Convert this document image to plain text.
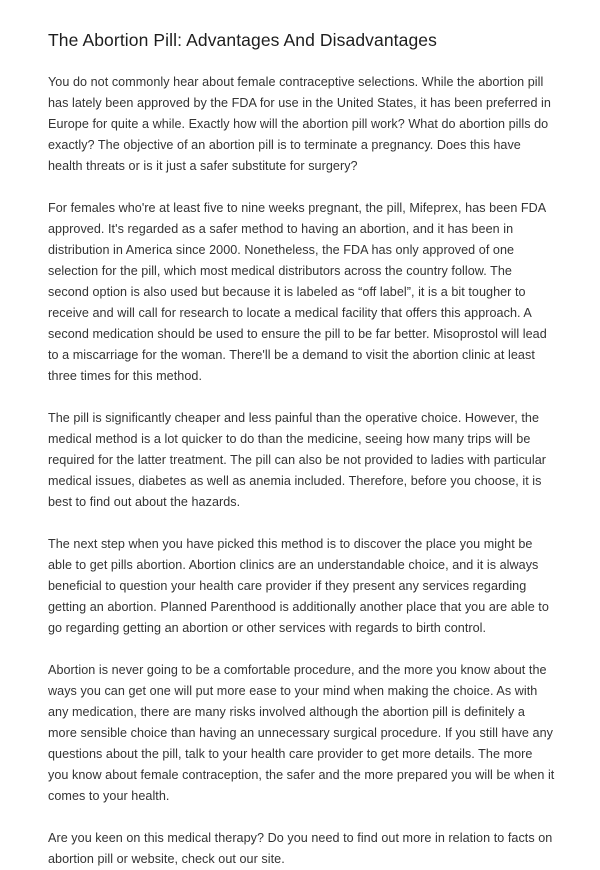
The Abortion Pill: Advantages And Disadvantages

You do not commonly hear about female contraceptive selections. While the abortion pill has lately been approved by the FDA for use in the United States, it has been preferred in Europe for quite a while. Exactly how will the abortion pill work? What do abortion pills do exactly? The objective of an abortion pill is to terminate a pregnancy. Does this have health threats or is it just a safer substitute for surgery?

For females who're at least five to nine weeks pregnant, the pill, Mifeprex, has been FDA approved. It's regarded as a safer method to having an abortion, and it has been in distribution in America since 2000. Nonetheless, the FDA has only approved of one selection for the pill, which most medical distributors across the country follow. The second option is also used but because it is labeled as “off label”, it is a bit tougher to receive and will call for research to locate a medical facility that offers this approach. A second medication should be used to ensure the pill to be far better. Misoprostol will lead to a miscarriage for the woman. There'll be a demand to visit the abortion clinic at least three times for this method.

The pill is significantly cheaper and less painful than the operative choice. However, the medical method is a lot quicker to do than the medicine, seeing how many trips will be required for the latter treatment. The pill can also be not provided to ladies with particular medical issues, diabetes as well as anemia included. Therefore, before you choose, it is best to find out about the hazards.

The next step when you have picked this method is to discover the place you might be able to get pills abortion. Abortion clinics are an understandable choice, and it is always beneficial to question your health care provider if they present any services regarding getting an abortion. Planned Parenthood is additionally another place that you are able to go regarding getting an abortion or other services with regards to birth control.

Abortion is never going to be a comfortable procedure, and the more you know about the ways you can get one will put more ease to your mind when making the choice. As with any medication, there are many risks involved although the abortion pill is definitely a more sensible choice than having an unnecessary surgical procedure. If you still have any questions about the pill, talk to your health care provider to get more details. The more you know about female contraception, the safer and the more prepared you will be when it comes to your health.

Are you keen on this medical therapy? Do you need to find out more in relation to facts on abortion pill or website, check out our site.
